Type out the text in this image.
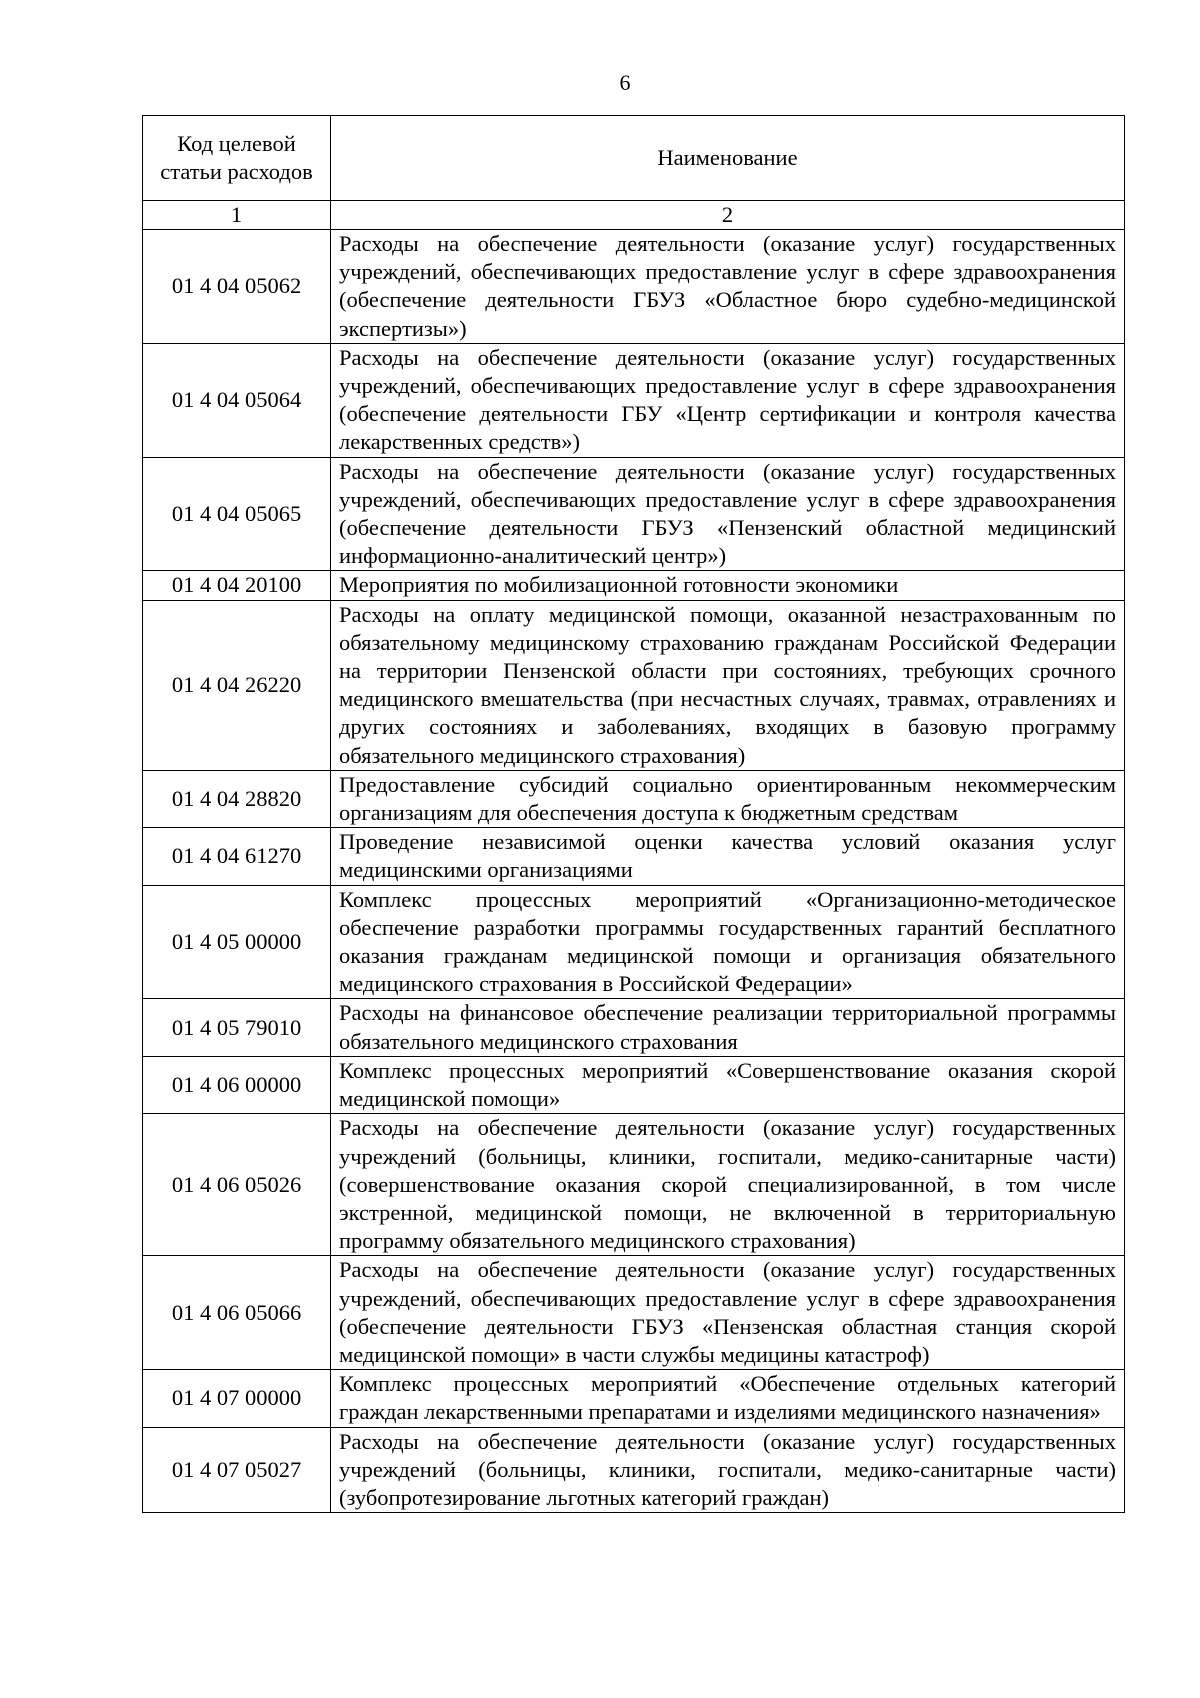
6
Код целевой статьи расходов	Наименование
1	2
01 4 04 05062	Расходы на обеспечение деятельности (оказание услуг) государственных учреждений, обеспечивающих предоставление услуг в сфере здравоохранения (обеспечение деятельности ГБУЗ «Областное бюро судебно-медицинской экспертизы»)
01 4 04 05064	Расходы на обеспечение деятельности (оказание услуг) государственных учреждений, обеспечивающих предоставление услуг в сфере здравоохранения (обеспечение деятельности ГБУ «Центр сертификации и контроля качества лекарственных средств»)
01 4 04 05065	Расходы на обеспечение деятельности (оказание услуг) государственных учреждений, обеспечивающих предоставление услуг в сфере здравоохранения (обеспечение деятельности ГБУЗ «Пензенский областной медицинский информационно-аналитический центр»)
01 4 04 20100	Мероприятия по мобилизационной готовности экономики
01 4 04 26220	Расходы на оплату медицинской помощи, оказанной незастрахованным по обязательному медицинскому страхованию гражданам Российской Федерации на территории Пензенской области при состояниях, требующих срочного медицинского вмешательства (при несчастных случаях, травмах, отравлениях и других состояниях и заболеваниях, входящих в базовую программу обязательного медицинского страхования)
01 4 04 28820	Предоставление субсидий социально ориентированным некоммерческим организациям для обеспечения доступа к бюджетным средствам
01 4 04 61270	Проведение независимой оценки качества условий оказания услуг медицинскими организациями
01 4 05 00000	Комплекс процессных мероприятий «Организационно-методическое обеспечение разработки программы государственных гарантий бесплатного оказания гражданам медицинской помощи и организация обязательного медицинского страхования в Российской Федерации»
01 4 05 79010	Расходы на финансовое обеспечение реализации территориальной программы обязательного медицинского страхования
01 4 06 00000	Комплекс процессных мероприятий «Совершенствование оказания скорой медицинской помощи»
01 4 06 05026	Расходы на обеспечение деятельности (оказание услуг) государственных учреждений (больницы, клиники, госпитали, медико-санитарные части) (совершенствование оказания скорой специализированной, в том числе экстренной, медицинской помощи, не включенной в территориальную программу обязательного медицинского страхования)
01 4 06 05066	Расходы на обеспечение деятельности (оказание услуг) государственных учреждений, обеспечивающих предоставление услуг в сфере здравоохранения (обеспечение деятельности ГБУЗ «Пензенская областная станция скорой медицинской помощи» в части службы медицины катастроф)
01 4 07 00000	Комплекс процессных мероприятий «Обеспечение отдельных категорий граждан лекарственными препаратами и изделиями медицинского назначения»
01 4 07 05027	Расходы на обеспечение деятельности (оказание услуг) государственных учреждений (больницы, клиники, госпитали, медико-санитарные части) (зубопротезирование льготных категорий граждан)
